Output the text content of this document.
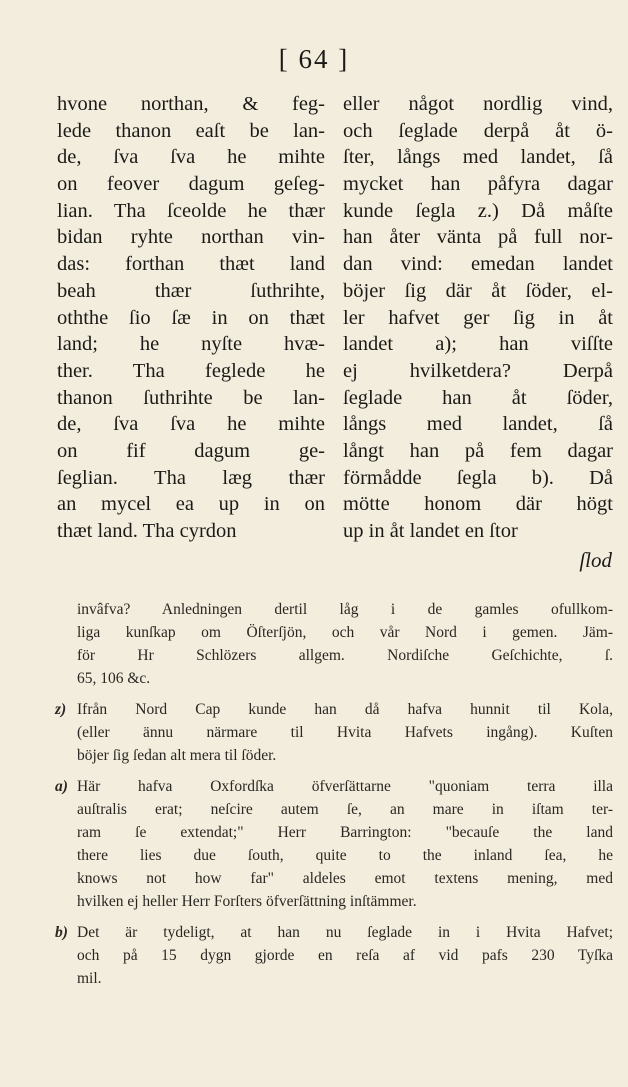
[ 64 ]
hvone northan, & feg-
lede thanon eaſt be lan-
de, ſva ſva he mihte
on feover dagum geſeg-
lian. Tha ſceolde he thær
bidan ryhte northan vin-
das: forthan thæt land
beah thær ſuthrihte,
oththe ſio ſæ in on thæt
land; he nyſte hvæ-
ther. Tha feglede he
thanon ſuthrihte be lan-
de, ſva ſva he mihte
on fif dagum ge-
ſeglian. Tha læg thær
an mycel ea up in on
thæt land. Tha cyrdon
eller något nordlig vind,
och ſeglade derpå åt ö-
ſter, långs med landet, ſå
mycket han påfyra dagar
kunde ſegla z.) Då måſte
han åter vänta på full nor-
dan vind: emedan landet
böjer ſig där åt ſöder, el-
ler hafvet ger ſig in åt
landet a); han viſſte
ej hvilketdera? Derpå
ſeglade han åt ſöder,
långs med landet, ſå
långt han på fem dagar
förmådde ſegla b). Då
mötte honom där högt
up in åt landet en ſtor
ſlod
invâfva? Anledningen dertil låg i de gamles ofullkom-
liga kunſkap om Öſterſjön, och vår Nord i gemen. Jäm-
för Hr Schlözers allgem. Nordiſche Geſchichte, ſ.
65, 106 &c.
z) Ifrån Nord Cap kunde han då hafva hunnit til Kola,
(eller ännu närmare til Hvita Hafvets ingång). Kuſten
böjer ſig ſedan alt mera til ſöder.
a) Här hafva Oxfordſka öfverſättarne "quoniam terra illa
auſtralis erat; neſcire autem ſe, an mare in iſtam ter-
ram ſe extendat;" Herr Barrington: "becauſe the land
there lies due ſouth, quite to the inland ſea, he
knows not how far" aldeles emot textens mening, med
hvilken ej heller Herr Forſters öfverſättning inſtämmer.
b) Det är tydeligt, at han nu ſeglade in i Hvita Hafvet;
och på 15 dygn gjorde en reſa af vid pafs 230 Tyſka
mil.
